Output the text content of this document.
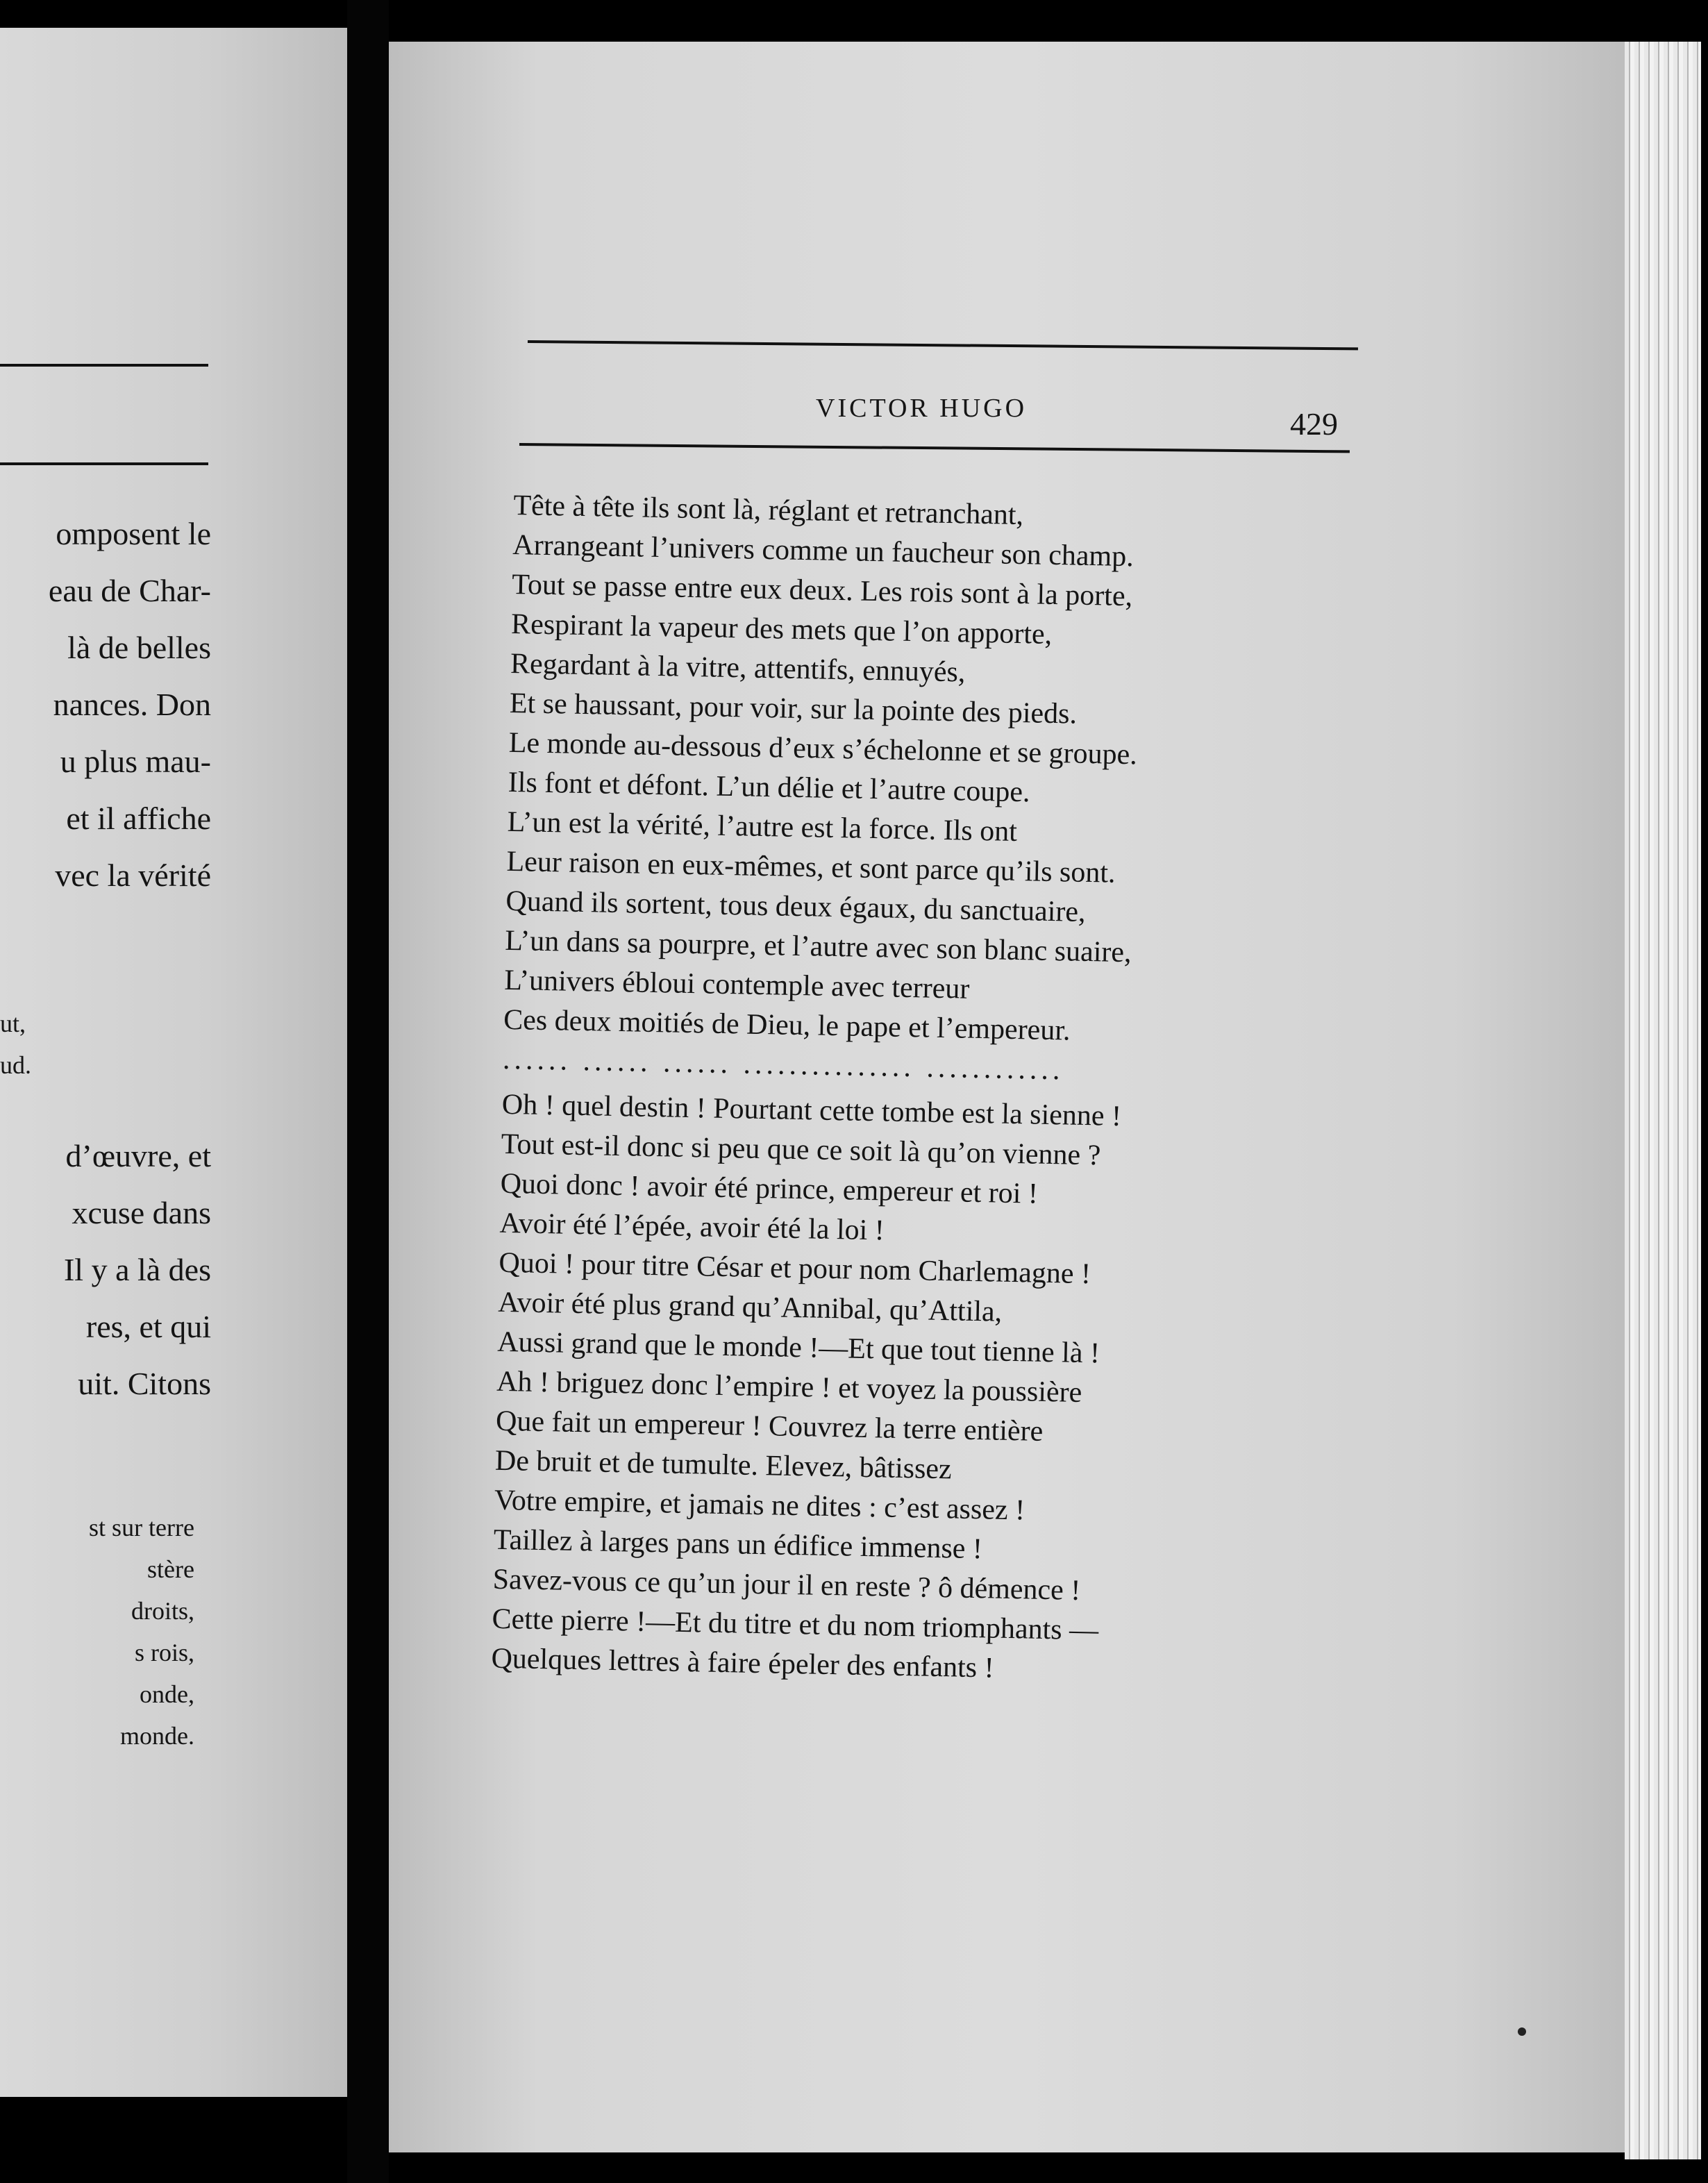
omposent le
eau de Char-
là de belles
nances. Don
u plus mau-
et il affiche
vec la vérité
ut,
ud.
d’œuvre, et
xcuse dans
Il y a là des
res, et qui
uit. Citons
st sur terre
stère
droits,
s rois,
onde,
monde.
VICTOR HUGO	429
Tête à tête ils sont là, réglant et retranchant,
Arrangeant l’univers comme un faucheur son champ.
Tout se passe entre eux deux. Les rois sont à la porte,
Respirant la vapeur des mets que l’on apporte,
Regardant à la vitre, attentifs, ennuyés,
Et se haussant, pour voir, sur la pointe des pieds.
Le monde au-dessous d’eux s’échelonne et se groupe.
Ils font et défont. L’un délie et l’autre coupe.
L’un est la vérité, l’autre est la force. Ils ont
Leur raison en eux-mêmes, et sont parce qu’ils sont.
Quand ils sortent, tous deux égaux, du sanctuaire,
L’un dans sa pourpre, et l’autre avec son blanc suaire,
L’univers ébloui contemple avec terreur
Ces deux moitiés de Dieu, le pape et l’empereur.
...... ...... ...... ............... ............
Oh ! quel destin ! Pourtant cette tombe est la sienne !
Tout est-il donc si peu que ce soit là qu’on vienne ?
Quoi donc ! avoir été prince, empereur et roi !
Avoir été l’épée, avoir été la loi !
Quoi ! pour titre César et pour nom Charlemagne !
Avoir été plus grand qu’Annibal, qu’Attila,
Aussi grand que le monde !—Et que tout tienne là !
Ah ! briguez donc l’empire ! et voyez la poussière
Que fait un empereur ! Couvrez la terre entière
De bruit et de tumulte. Elevez, bâtissez
Votre empire, et jamais ne dites : c’est assez !
Taillez à larges pans un édifice immense !
Savez-vous ce qu’un jour il en reste ? ô démence !
Cette pierre !—Et du titre et du nom triomphants —
Quelques lettres à faire épeler des enfants !
